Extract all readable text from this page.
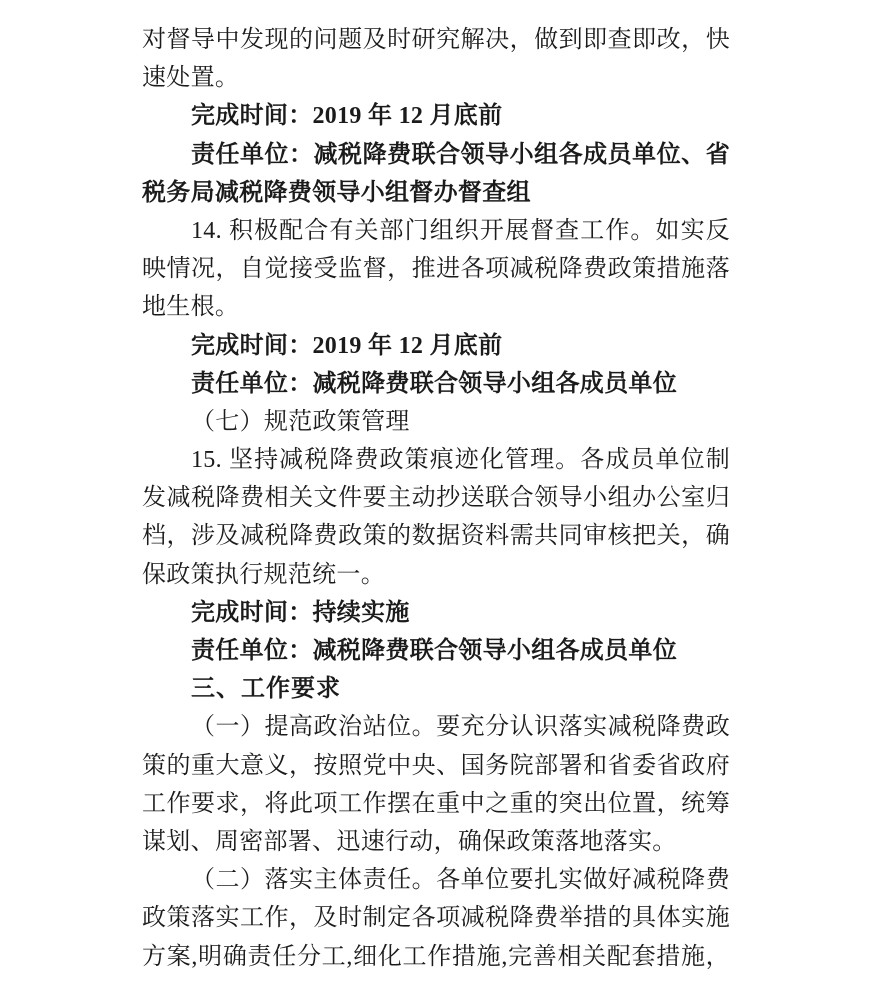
对督导中发现的问题及时研究解决，做到即查即改，快
速处置。
完成时间：2019 年 12 月底前
责任单位：减税降费联合领导小组各成员单位、省
税务局减税降费领导小组督办督查组
14. 积极配合有关部门组织开展督查工作。如实反
映情况，自觉接受监督，推进各项减税降费政策措施落
地生根。
完成时间：2019 年 12 月底前
责任单位：减税降费联合领导小组各成员单位
（七）规范政策管理
15. 坚持减税降费政策痕迹化管理。各成员单位制
发减税降费相关文件要主动抄送联合领导小组办公室归
档，涉及减税降费政策的数据资料需共同审核把关，确
保政策执行规范统一。
完成时间：持续实施
责任单位：减税降费联合领导小组各成员单位
三、工作要求
（一）提高政治站位。要充分认识落实减税降费政
策的重大意义，按照党中央、国务院部署和省委省政府
工作要求，将此项工作摆在重中之重的突出位置，统筹
谋划、周密部署、迅速行动，确保政策落地落实。
（二）落实主体责任。各单位要扎实做好减税降费
政策落实工作，及时制定各项减税降费举措的具体实施
方案,明确责任分工,细化工作措施,完善相关配套措施，
